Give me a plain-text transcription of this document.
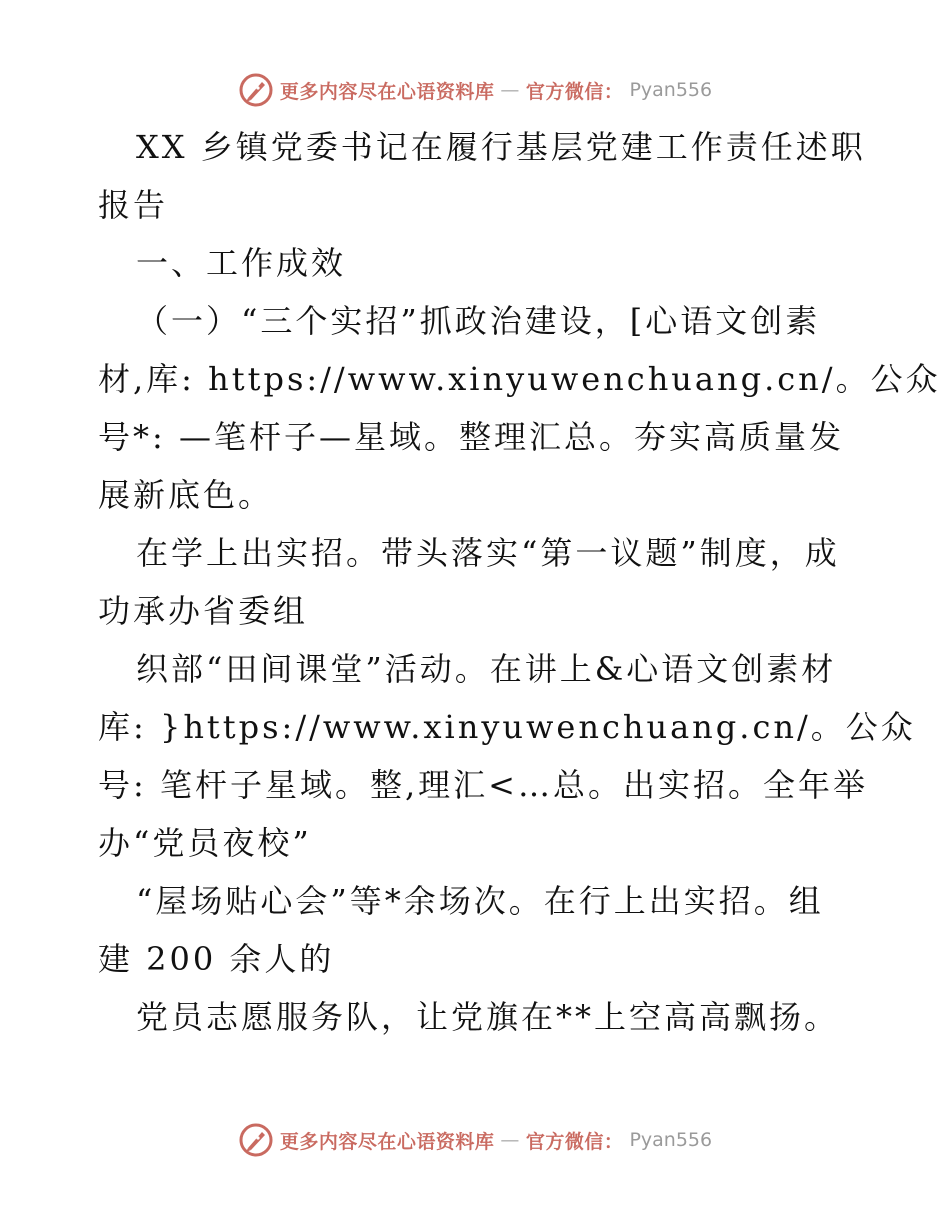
更多内容尽在心语资料库 — 官方微信： Pyan556
XX 乡镇党委书记在履行基层党建工作责任述职
报告
一、工作成效
（一）“三个实招”抓政治建设，[心语文创素
材,库: https://www.xinyuwenchuang.cn/。公众
号*: —笔杆子—星域。整理汇总。夯实高质量发
展新底色。
在学上出实招。带头落实“第一议题”制度，成
功承办省委组
织部“田间课堂”活动。在讲上&心语文创素材
库: }https://www.xinyuwenchuang.cn/。公众
号: 笔杆子星域。整,理汇<…总。出实招。全年举
办“党员夜校”
“屋场贴心会”等*余场次。在行上出实招。组
建 200 余人的
党员志愿服务队，让党旗在**上空高高飘扬。
更多内容尽在心语资料库 — 官方微信： Pyan556
